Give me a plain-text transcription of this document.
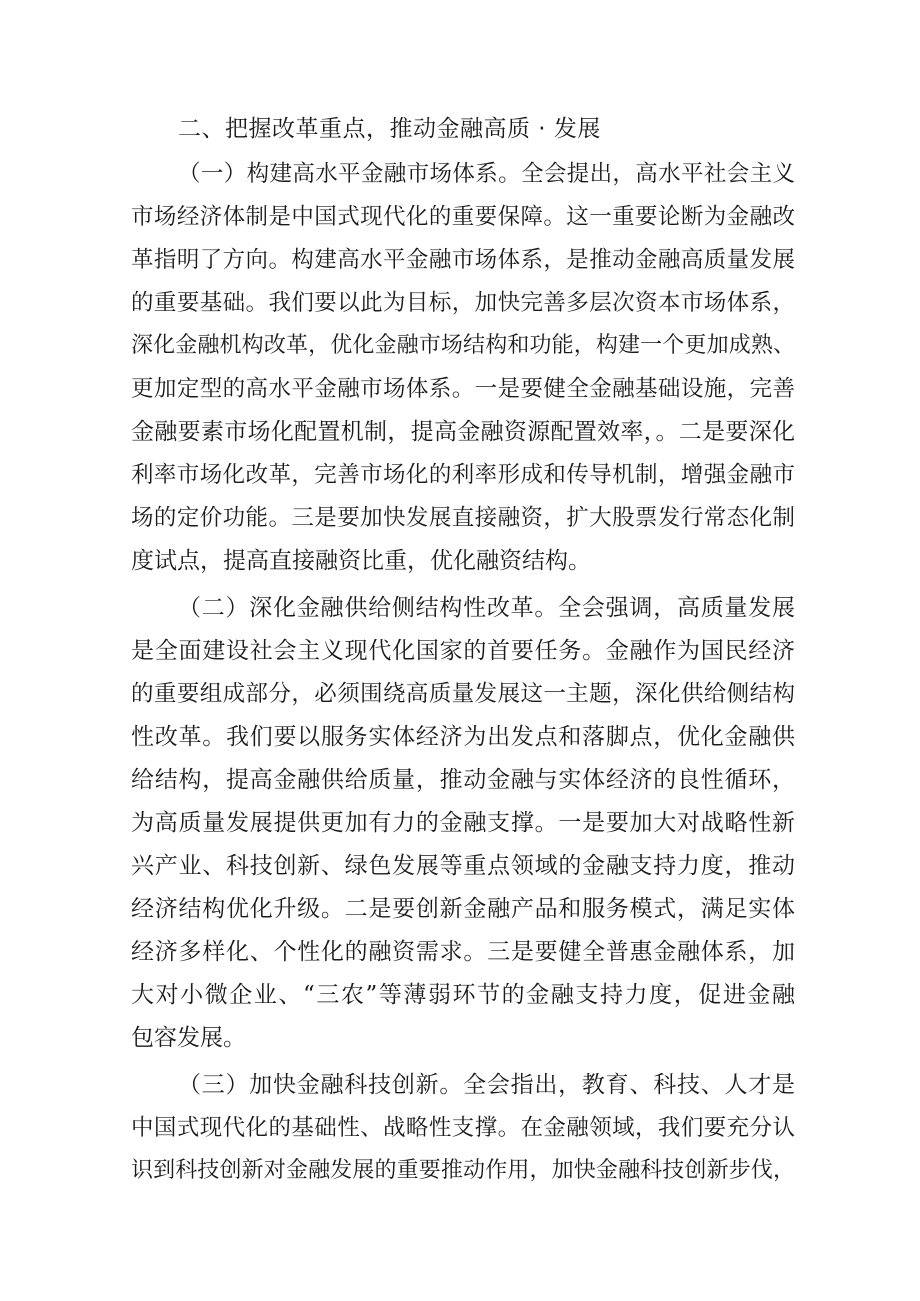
二、把握改革重点，推动金融高质 · 发展
（一）构建高水平金融市场体系。全会提出，高水平社会主义
市场经济体制是中国式现代化的重要保障。这一重要论断为金融改
革指明了方向。构建高水平金融市场体系，是推动金融高质量发展
的重要基础。我们要以此为目标，加快完善多层次资本市场体系，
深化金融机构改革，优化金融市场结构和功能，构建一个更加成熟、
更加定型的高水平金融市场体系。一是要健全金融基础设施，完善
金融要素市场化配置机制，提高金融资源配置效率，。二是要深化
利率市场化改革，完善市场化的利率形成和传导机制，增强金融市
场的定价功能。三是要加快发展直接融资，扩大股票发行常态化制
度试点，提高直接融资比重，优化融资结构。
（二）深化金融供给侧结构性改革。全会强调，高质量发展
是全面建设社会主义现代化国家的首要任务。金融作为国民经济
的重要组成部分，必须围绕高质量发展这一主题，深化供给侧结构
性改革。我们要以服务实体经济为出发点和落脚点，优化金融供
给结构，提高金融供给质量，推动金融与实体经济的良性循环，
为高质量发展提供更加有力的金融支撑。一是要加大对战略性新
兴产业、科技创新、绿色发展等重点领域的金融支持力度，推动
经济结构优化升级。二是要创新金融产品和服务模式，满足实体
经济多样化、个性化的融资需求。三是要健全普惠金融体系，加
大对小微企业、“三农”等薄弱环节的金融支持力度，促进金融
包容发展。
（三）加快金融科技创新。全会指出，教育、科技、人才是
中国式现代化的基础性、战略性支撑。在金融领域，我们要充分认
识到科技创新对金融发展的重要推动作用，加快金融科技创新步伐，
